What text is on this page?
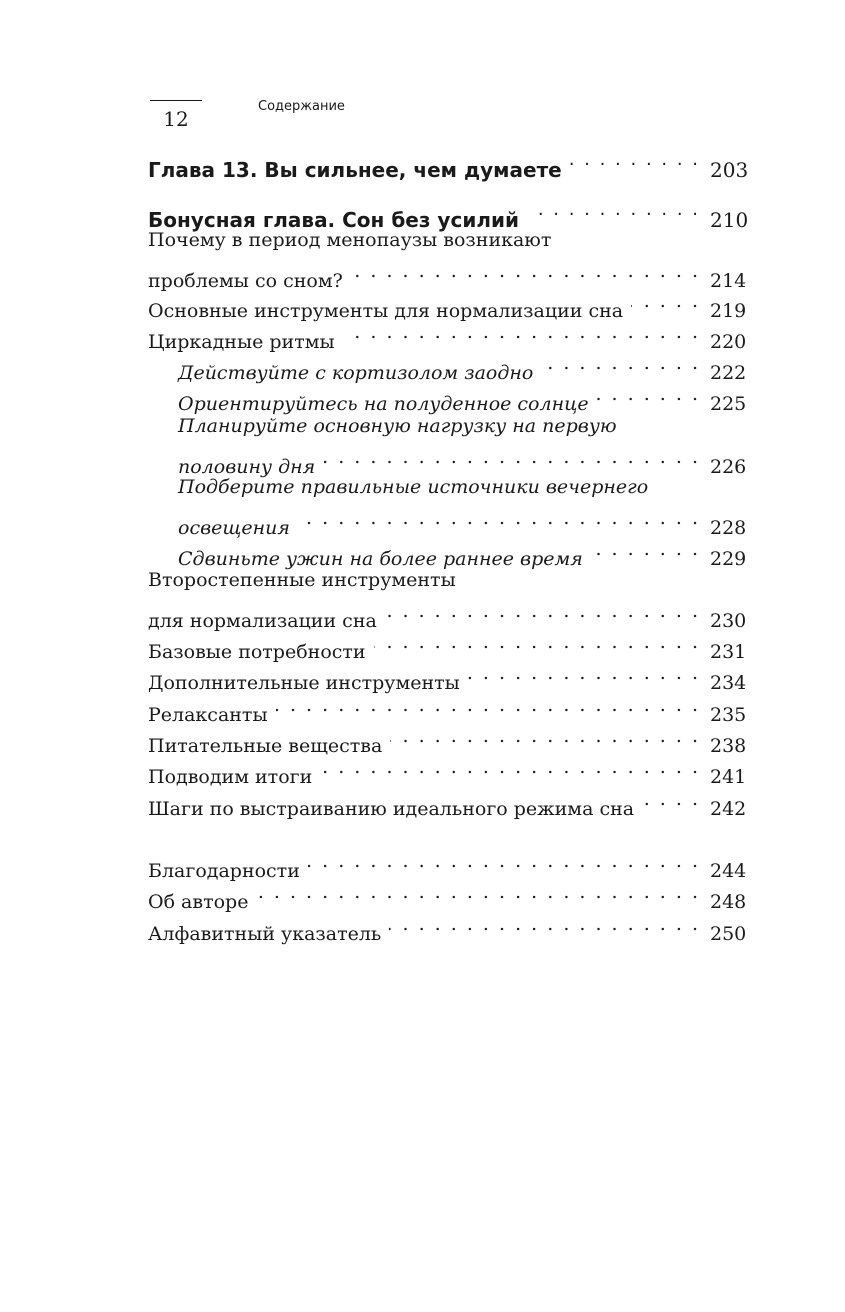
12
Содержание
Глава 13. Вы сильнее, чем думаете . . .	203
Бонусная глава. Сон без усилий . . .	210
Почему в период менопаузы возникают
проблемы со сном? . . .	214
Основные инструменты для нормализации сна . . .	219
Циркадные ритмы . . .	220
Действуйте с кортизолом заодно . . .	222
Ориентируйтесь на полуденное солнце . . .	225
Планируйте основную нагрузку на первую
половину дня . . .	226
Подберите правильные источники вечернего
освещения . . .	228
Сдвиньте ужин на более раннее время . . .	229
Второстепенные инструменты
для нормализации сна . . .	230
Базовые потребности . . .	231
Дополнительные инструменты . . .	234
Релаксанты . . .	235
Питательные вещества . . .	238
Подводим итоги . . .	241
Шаги по выстраиванию идеального режима сна . . .	242
Благодарности . . .	244
Об авторе . . .	248
Алфавитный указатель . . .	250
